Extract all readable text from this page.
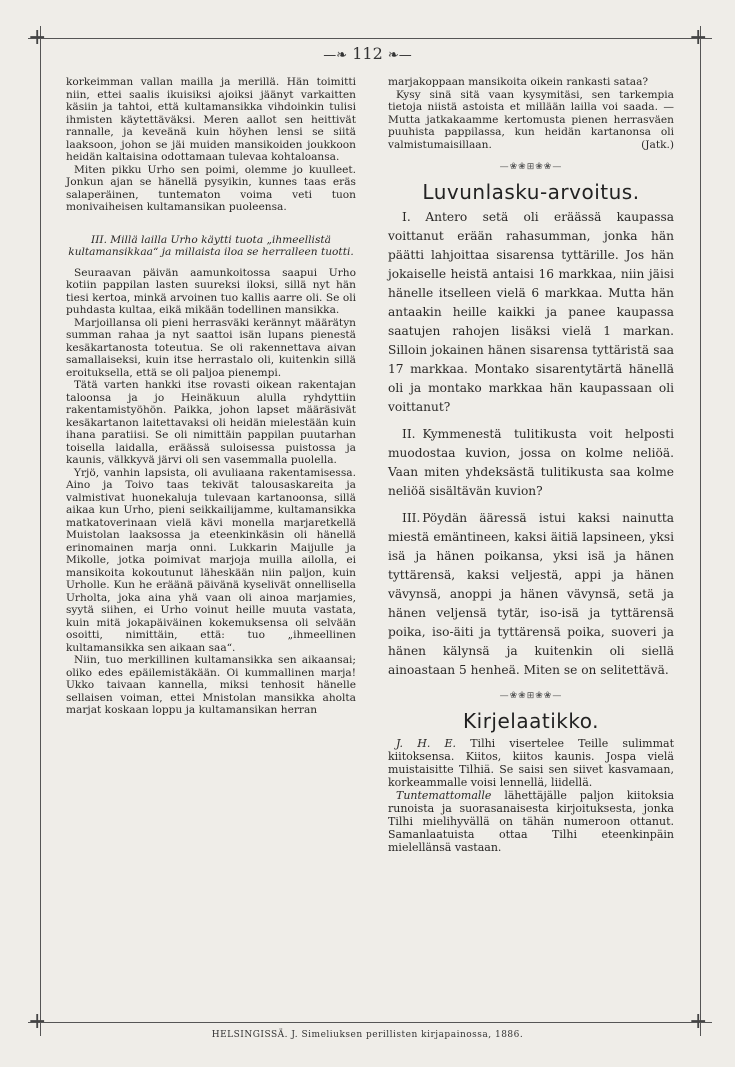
+	+
+	+
—❧ 112 ❧—

korkeimman vallan mailla ja merillä. Hän toimitti niin, ettei saalis ikuisiksi ajoiksi jäänyt varkaitten käsiin ja tahtoi, että kultamansikka vihdoinkin tulisi ihmisten käytettäväksi. Meren aallot sen heittivät rannalle, ja keveänä kuin höyhen lensi se siitä laaksoon, johon se jäi muiden mansikoiden joukkoon heidän kaltaisina odottamaan tulevaa kohtaloansa.

Miten pikku Urho sen poimi, olemme jo kuulleet. Jonkun ajan se hänellä pysyikin, kunnes taas eräs salaperäinen, tuntematon voima veti tuon monivaiheisen kultamansikan puoleensa.

III. Millä lailla Urho käytti tuota „ihmeellistä kultamansikkaa“ ja millaista iloa se herralleen tuotti.

Seuraavan päivän aamunkoitossa saapui Urho kotiin pappilan lasten suureksi iloksi, sillä nyt hän tiesi kertoa, minkä arvoinen tuo kallis aarre oli. Se oli puhdasta kultaa, eikä mikään todellinen mansikka.

Marjoillansa oli pieni herrasväki kerännyt määrätyn summan rahaa ja nyt saattoi isän lupans pienestä kesäkartanosta toteutua. Se oli rakennettava aivan samallaiseksi, kuin itse herrastalo oli, kuitenkin sillä eroituksella, että se oli paljoa pienempi.

Tätä varten hankki itse rovasti oikean rakentajan taloonsa ja jo Heinäkuun alulla ryhdyttiin rakentamistyöhön. Paikka, johon lapset määräsivät kesäkartanon laitettavaksi oli heidän mielestään kuin ihana paratiisi. Se oli nimittäin pappilan puutarhan toisella laidalla, eräässä suloisessa puistossa ja kaunis, välkkyvä järvi oli sen vasemmalla puolella.

Yrjö, vanhin lapsista, oli avuliaana rakentamisessa. Aino ja Toivo taas tekivät talousaskareita ja valmistivat huonekaluja tulevaan kartanoonsa, sillä aikaa kun Urho, pieni seikkailijamme, kultamansikka matkatoverinaan vielä kävi monella marjaretkellä Muistolan laaksossa ja eteenkinkäsin oli hänellä erinomainen marja onni. Lukkarin Maijulle ja Mikolle, jotka poimivat marjoja muilla ailolla, ei mansikoita kokoutunut läheskään niin paljon, kuin Urholle. Kun he eräänä päivänä kyselivät onnellisella Urholta, joka aina yhä vaan oli ainoa marjamies, syytä siihen, ei Urho voinut heille muuta vastata, kuin mitä jokapäiväinen kokemuksensa oli selvään osoitti, nimittäin, että: tuo „ihmeellinen kultamansikka sen aikaan saa“.

Niin, tuo merkillinen kultamansikka sen aikaansai; oliko edes epäilemistäkään. Oi kummallinen marja! Ukko taivaan kannella, miksi tenhosit hänelle sellaisen voiman, ettei Mnistolan mansikka aholta marjat koskaan loppu ja kultamansikan herran

marjakoppaan mansikoita oikein rankasti sataa?

Kysy sinä sitä vaan kysymitäsi, sen tarkempia tietoja niistä astoista et millään lailla voi saada. — Mutta jatkakaamme kertomusta pienen herrasväen puuhista pappilassa, kun heidän kartanonsa oli valmistumaisillaan.	(Jatk.)

—❀❀⊞❀❀—
Luvunlasku-arvoitus.

I. Antero setä oli eräässä kaupassa voittanut erään rahasumman, jonka hän päätti lahjoittaa sisarensa tyttärille. Jos hän jokaiselle heistä antaisi 16 markkaa, niin jäisi hänelle itselleen vielä 6 markkaa. Mutta hän antaakin heille kaikki ja panee kaupassa saatujen rahojen lisäksi vielä 1 markan. Silloin jokainen hänen sisarensa tyttäristä saa 17 markkaa. Montako sisarentytärtä hänellä oli ja montako markkaa hän kaupassaan oli voittanut?

II. Kymmenestä tulitikusta voit helposti muodostaa kuvion, jossa on kolme neliöä. Vaan miten yhdeksästä tulitikusta saa kolme neliöä sisältävän kuvion?

III. Pöydän ääressä istui kaksi nainutta miestä emäntineen, kaksi äitiä lapsineen, yksi isä ja hänen poikansa, yksi isä ja hänen tyttärensä, kaksi veljestä, appi ja hänen vävynsä, anoppi ja hänen vävynsä, setä ja hänen veljensä tytär, iso-isä ja tyttärensä poika, iso-äiti ja tyttärensä poika, suoveri ja hänen kälynsä ja kuitenkin oli siellä ainoastaan 5 henheä. Miten se on selitettävä.

—❀❀⊞❀❀—
Kirjelaatikko.

J. H. E. Tilhi visertelee Teille sulimmat kiitoksensa. Kiitos, kiitos kaunis. Jospa vielä muistaisitte Tilhiä. Se saisi sen siivet kasvamaan, korkeammalle voisi lennellä, liidellä.

Tuntemattomalle lähettäjälle paljon kiitoksia runoista ja suorasanaisesta kirjoituksesta, jonka Tilhi mielihyvällä on tähän numeroon ottanut. Samanlaatuista ottaa Tilhi eteenkinpäin mielellänsä vastaan.

HELSINGISSÄ. J. Simeliuksen perillisten kirjapainossa, 1886.
